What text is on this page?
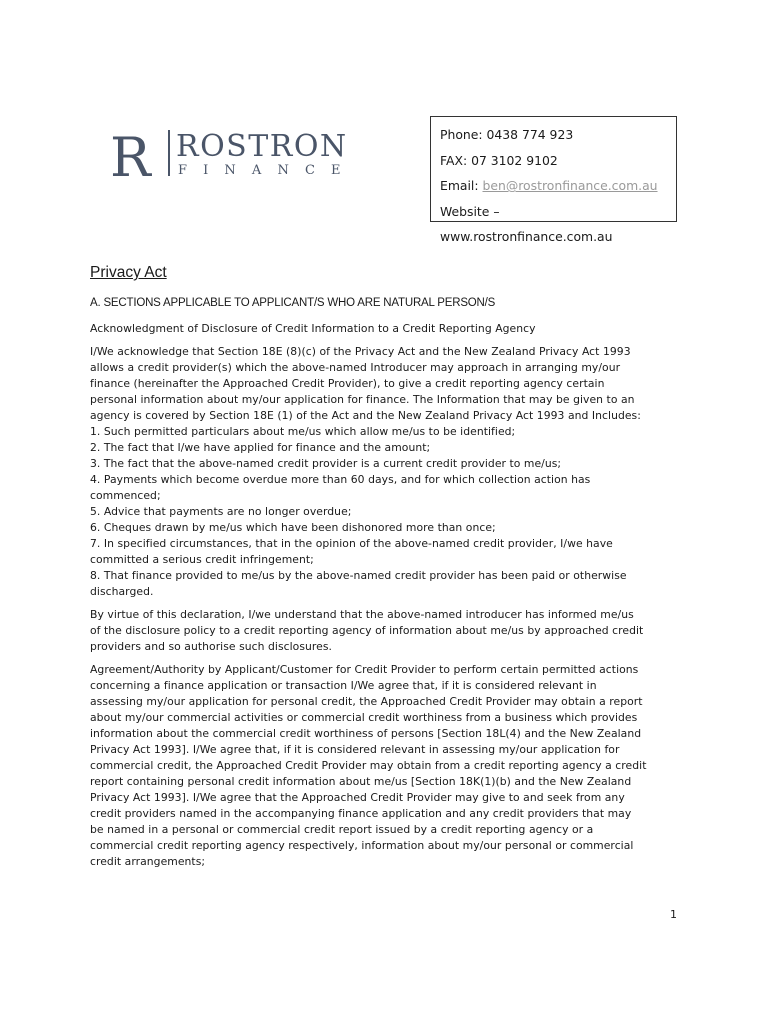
R ROSTRON
F I N A N C E
Phone: 0438 774 923
FAX: 07 3102 9102
Email: ben@rostronfinance.com.au
Website – www.rostronfinance.com.au
Privacy Act
A. SECTIONS APPLICABLE TO APPLICANT/S WHO ARE NATURAL PERSON/S

Acknowledgment of Disclosure of Credit Information to a Credit Reporting Agency

I/We acknowledge that Section 18E (8)(c) of the Privacy Act and the New Zealand Privacy Act 1993
allows a credit provider(s) which the above-named Introducer may approach in arranging my/our
finance (hereinafter the Approached Credit Provider), to give a credit reporting agency certain
personal information about my/our application for finance. The Information that may be given to an
agency is covered by Section 18E (1) of the Act and the New Zealand Privacy Act 1993 and Includes:
1. Such permitted particulars about me/us which allow me/us to be identified;
2. The fact that I/we have applied for finance and the amount;
3. The fact that the above-named credit provider is a current credit provider to me/us;
4. Payments which become overdue more than 60 days, and for which collection action has
commenced;
5. Advice that payments are no longer overdue;
6. Cheques drawn by me/us which have been dishonored more than once;
7. In specified circumstances, that in the opinion of the above-named credit provider, I/we have
committed a serious credit infringement;
8. That finance provided to me/us by the above-named credit provider has been paid or otherwise
discharged.

By virtue of this declaration, I/we understand that the above-named introducer has informed me/us
of the disclosure policy to a credit reporting agency of information about me/us by approached credit
providers and so authorise such disclosures.

Agreement/Authority by Applicant/Customer for Credit Provider to perform certain permitted actions
concerning a finance application or transaction I/We agree that, if it is considered relevant in
assessing my/our application for personal credit, the Approached Credit Provider may obtain a report
about my/our commercial activities or commercial credit worthiness from a business which provides
information about the commercial credit worthiness of persons [Section 18L(4) and the New Zealand
Privacy Act 1993]. I/We agree that, if it is considered relevant in assessing my/our application for
commercial credit, the Approached Credit Provider may obtain from a credit reporting agency a credit
report containing personal credit information about me/us [Section 18K(1)(b) and the New Zealand
Privacy Act 1993]. I/We agree that the Approached Credit Provider may give to and seek from any
credit providers named in the accompanying finance application and any credit providers that may
be named in a personal or commercial credit report issued by a credit reporting agency or a
commercial credit reporting agency respectively, information about my/our personal or commercial
credit arrangements;

1
